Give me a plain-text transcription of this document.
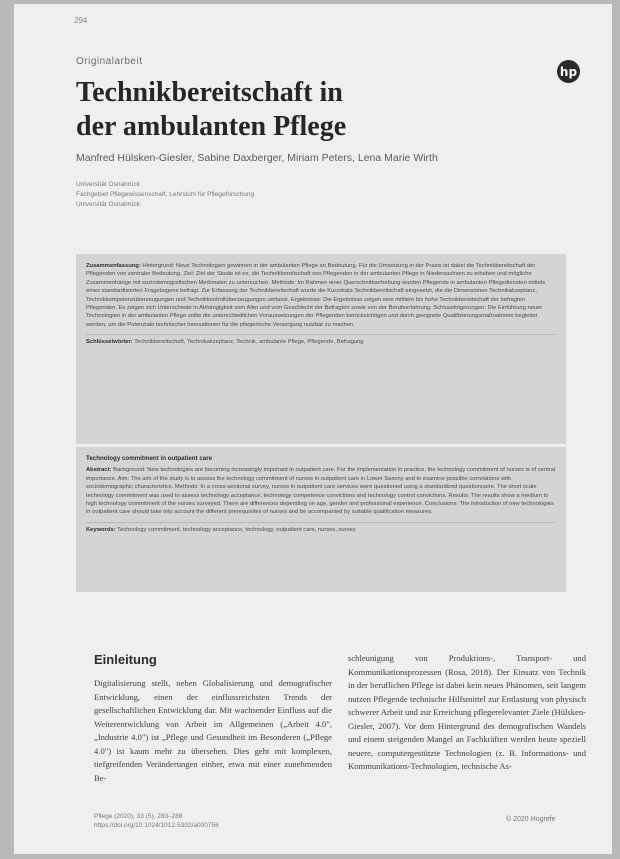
294
hp
Originalarbeit
Technikbereitschaft in
der ambulanten Pflege
Manfred Hülsken-Giesler, Sabine Daxberger, Miriam Peters, Lena Marie Wirth
Universität Osnabrück
Fachgebiet Pflegewissenschaft, Lehrstuhl für Pflegeforschung
Universität Osnabrück
Zusammenfassung: Hintergrund: Neue Technologien gewinnen in der ambulanten Pflege an Bedeutung. Für die Umsetzung in der Praxis ist dabei die Technikbereitschaft der Pflegenden von zentraler Bedeutung. Ziel: Ziel der Studie ist es, die Technikbereitschaft von Pflegenden in der ambulanten Pflege in Niedersachsen zu erheben und mögliche Zusammenhänge mit soziodemografischen Merkmalen zu untersuchen. Methode: Im Rahmen einer Querschnittserhebung wurden Pflegende in ambulanten Pflegediensten mittels eines standardisierten Fragebogens befragt. Zur Erfassung der Technikbereitschaft wurde die Kurzskala Technikbereitschaft eingesetzt, die die Dimensionen Technikakzeptanz, Technikkompetenzüberzeugungen und Technikkontrollüberzeugungen umfasst. Ergebnisse: Die Ergebnisse zeigen eine mittlere bis hohe Technikbereitschaft der befragten Pflegenden. Es zeigen sich Unterschiede in Abhängigkeit vom Alter und vom Geschlecht der Befragten sowie von der Berufserfahrung. Schlussfolgerungen: Die Einführung neuer Technologien in der ambulanten Pflege sollte die unterschiedlichen Voraussetzungen der Pflegenden berücksichtigen und durch geeignete Qualifizierungsmaßnahmen begleitet werden, um die Potenziale technischer Innovationen für die pflegerische Versorgung nutzbar zu machen.
Schlüsselwörter: Technikbereitschaft, Technikakzeptanz, Technik, ambulante Pflege, Pflegende, Befragung
Technology commitment in outpatient care
Abstract: Background: New technologies are becoming increasingly important in outpatient care. For the implementation in practice, the technology commitment of nurses is of central importance. Aim: The aim of the study is to assess the technology commitment of nurses in outpatient care in Lower Saxony and to examine possible correlations with sociodemographic characteristics. Methods: In a cross-sectional survey, nurses in outpatient care services were questioned using a standardized questionnaire. The short scale technology commitment was used to assess technology acceptance, technology competence convictions and technology control convictions. Results: The results show a medium to high technology commitment of the nurses surveyed. There are differences depending on age, gender and professional experience. Conclusions: The introduction of new technologies in outpatient care should take into account the different prerequisites of nurses and be accompanied by suitable qualification measures.
Keywords: Technology commitment, technology acceptance, technology, outpatient care, nurses, survey
Einleitung

Digitalisierung stellt, neben Globalisierung und demografischer Entwicklung, einen der einflussreichsten Trends der gesellschaftlichen Entwicklung dar. Mit wachsender Einfluss auf die Weiterentwicklung von Arbeit im Allgemeinen („Arbeit 4.0", „Industrie 4.0") ist „Pflege und Gesundheit im Besonderen („Pflege 4.0") ist kaum mehr zu übersehen. Dies geht mit komplexen, tiefgreifenden Veränderungen einher, etwa mit einer zunehmenden Be-

schleunigung von Produktions-, Transport- und Kommunikationsprozessen (Rosa, 2018). Der Einsatz von Technik in der beruflichen Pflege ist dabei kein neues Phänomen, seit langem nutzen Pflegende technische Hilfsmittel zur Entlastung von physisch schwerer Arbeit und zur Erreichung pflegerelevanter Ziele (Hülsken-Giesler, 2007). Vor dem Hintergrund des demografischen Wandels und einem steigenden Mangel an Fachkräften werden heute speziell neuere, computergestützte Technologien (z. B. Informations- und Kommunikations-Technologien, technische As-

Pflege (2020), 33 (5), 283–288
https://doi.org/10.1024/1012-5302/a000756
© 2020 Hogrefe
